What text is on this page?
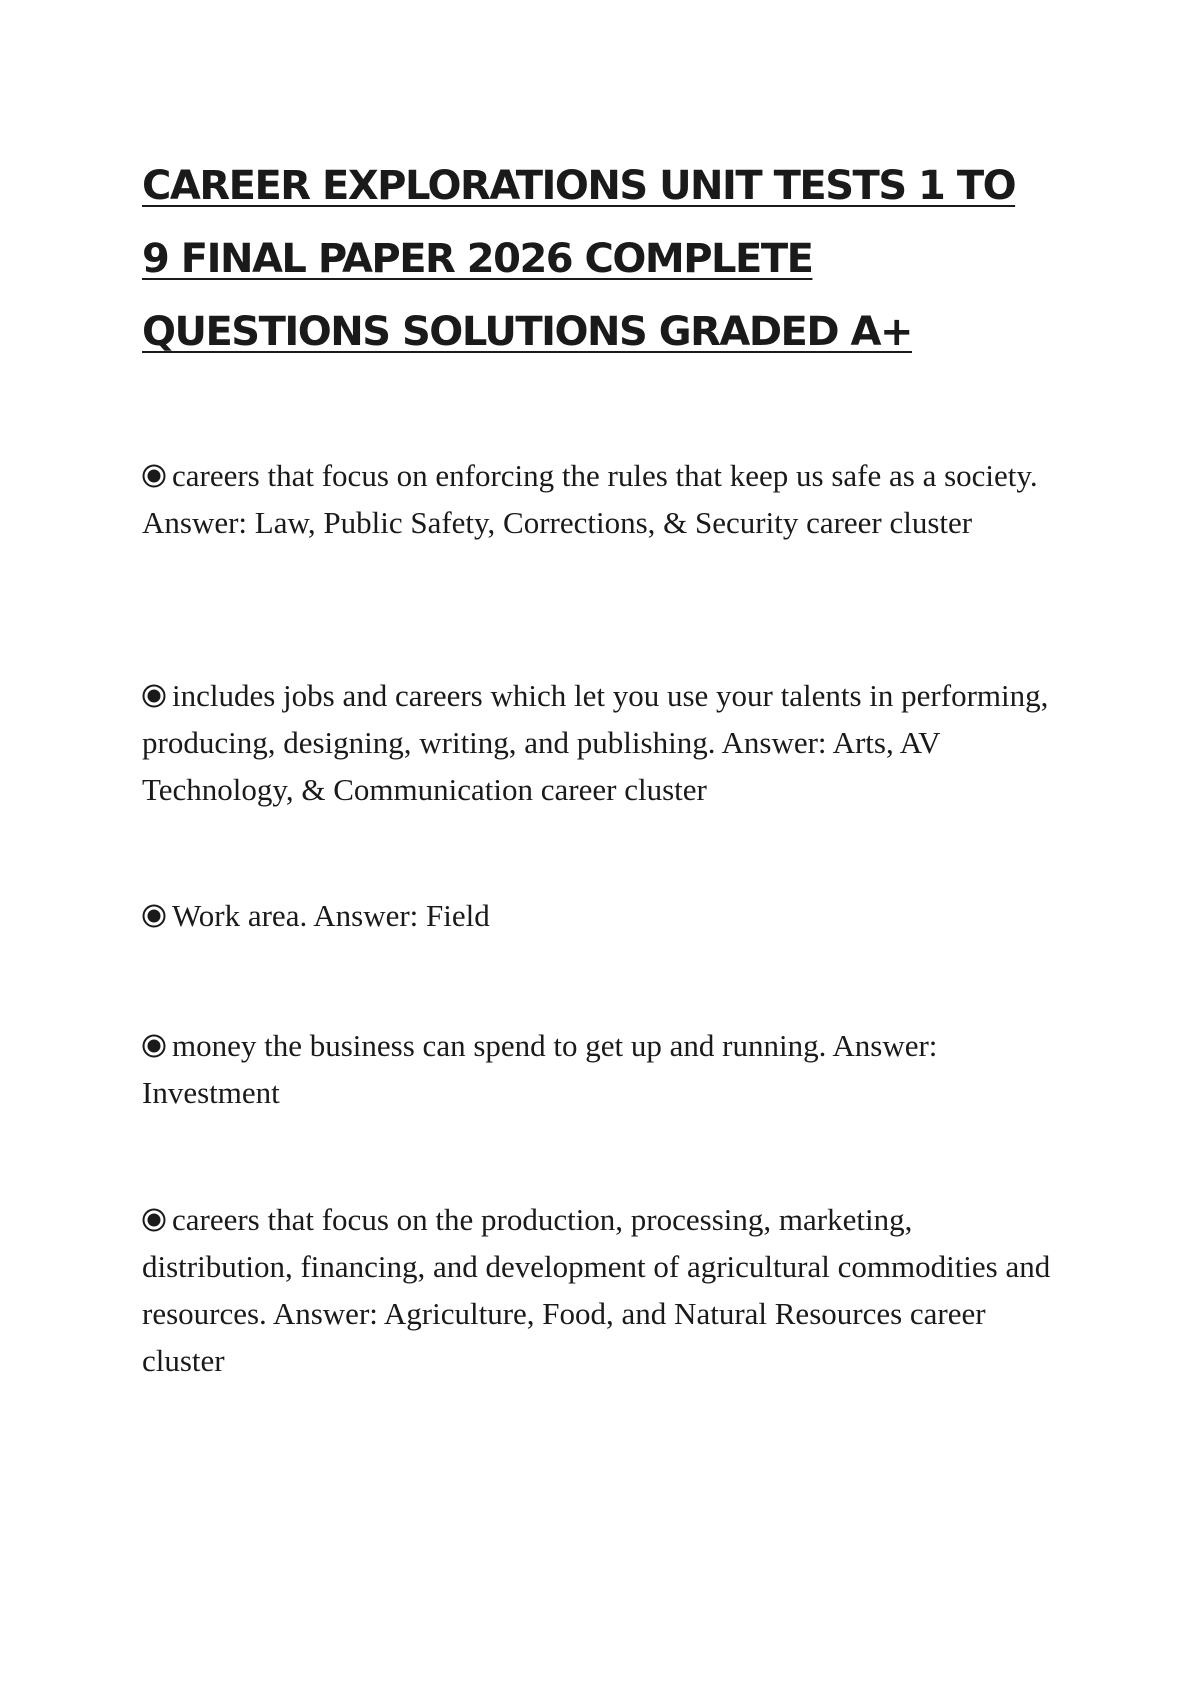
CAREER EXPLORATIONS UNIT TESTS 1 TO 9 FINAL PAPER 2026 COMPLETE QUESTIONS SOLUTIONS GRADED A+

careers that focus on enforcing the rules that keep us safe as a society. Answer: Law, Public Safety, Corrections, & Security career cluster

includes jobs and careers which let you use your talents in performing, producing, designing, writing, and publishing. Answer: Arts, AV Technology, & Communication career cluster

Work area. Answer: Field

money the business can spend to get up and running. Answer: Investment

careers that focus on the production, processing, marketing, distribution, financing, and development of agricultural commodities and resources. Answer: Agriculture, Food, and Natural Resources career cluster
